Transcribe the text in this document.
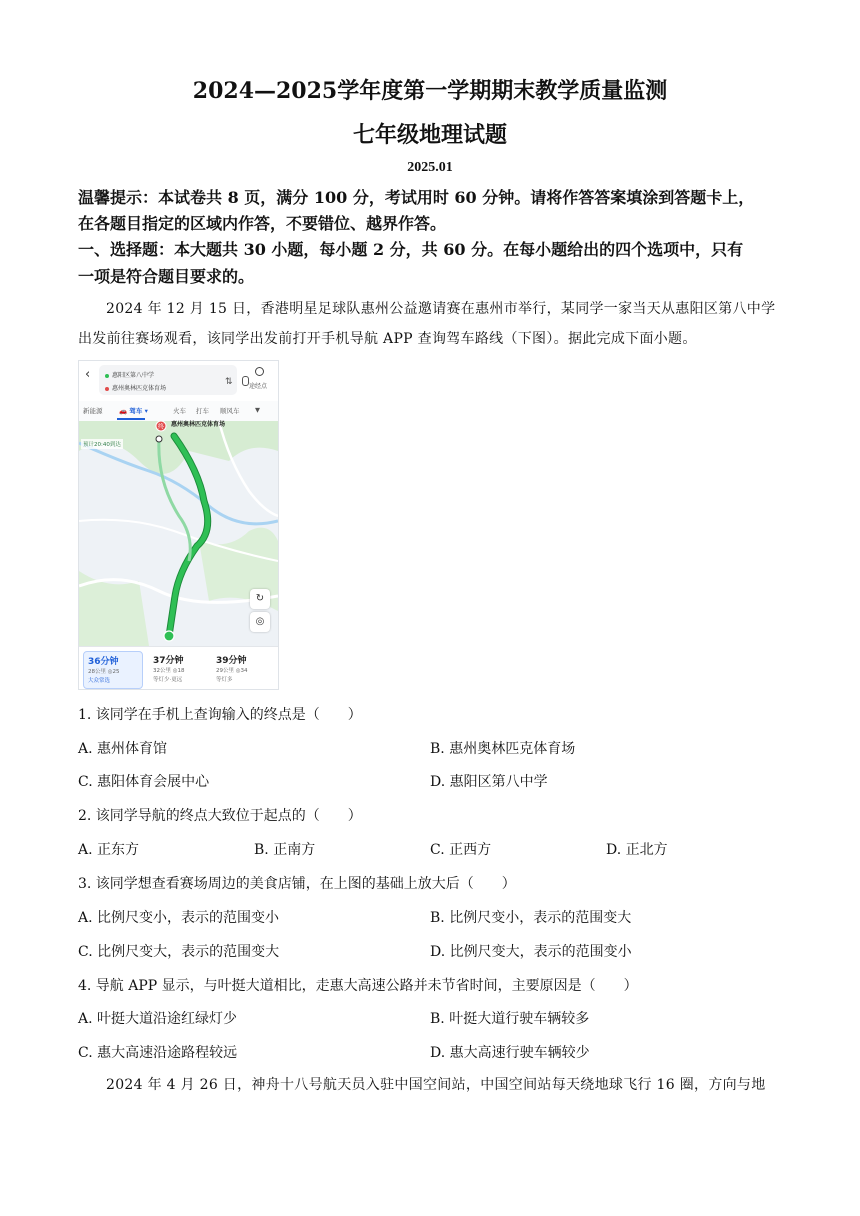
2024—2025学年度第一学期期末教学质量监测
七年级地理试题
2025.01
温馨提示：本试卷共 8 页，满分 100 分，考试用时 60 分钟。请将作答答案填涂到答题卡上，
在各题目指定的区域内作答，不要错位、越界作答。
一、选择题：本大题共 30 小题，每小题 2 分，共 60 分。在每小题给出的四个选项中，只有
一项是符合题目要求的。
2024 年 12 月 15 日，香港明星足球队惠州公益邀请赛在惠州市举行，某同学一家当天从惠阳区第八中学出发前往赛场观看，该同学出发前打开手机导航 APP 查询驾车路线（下图）。据此完成下面小题。
‹	惠阳区第八中学
惠州奥林匹克体育场
⇅	途经点
新能源	🚗 驾车 ▾	火车 打车 顺风车 ▼
终
预计20:40到达
惠州奥林匹克体育场
↻
◎
36分钟
28公里 ◎25
大众常选
37分钟
32公里 ◎18
等灯少·更远
39分钟
29公里 ◎34
等灯多
1. 该同学在手机上查询输入的终点是（　　）
A. 惠州体育馆	B. 惠州奥林匹克体育场
C. 惠阳体育会展中心	D. 惠阳区第八中学
2. 该同学导航的终点大致位于起点的（　　）
A. 正东方	B. 正南方	C. 正西方	D. 正北方
3. 该同学想查看赛场周边的美食店铺，在上图的基础上放大后（　　）
A. 比例尺变小，表示的范围变小	B. 比例尺变小，表示的范围变大
C. 比例尺变大，表示的范围变大	D. 比例尺变大，表示的范围变小
4. 导航 APP 显示，与叶挺大道相比，走惠大高速公路并未节省时间，主要原因是（　　）
A. 叶挺大道沿途红绿灯少	B. 叶挺大道行驶车辆较多
C. 惠大高速沿途路程较远	D. 惠大高速行驶车辆较少
2024 年 4 月 26 日，神舟十八号航天员入驻中国空间站，中国空间站每天绕地球飞行 16 圈，方向与地
